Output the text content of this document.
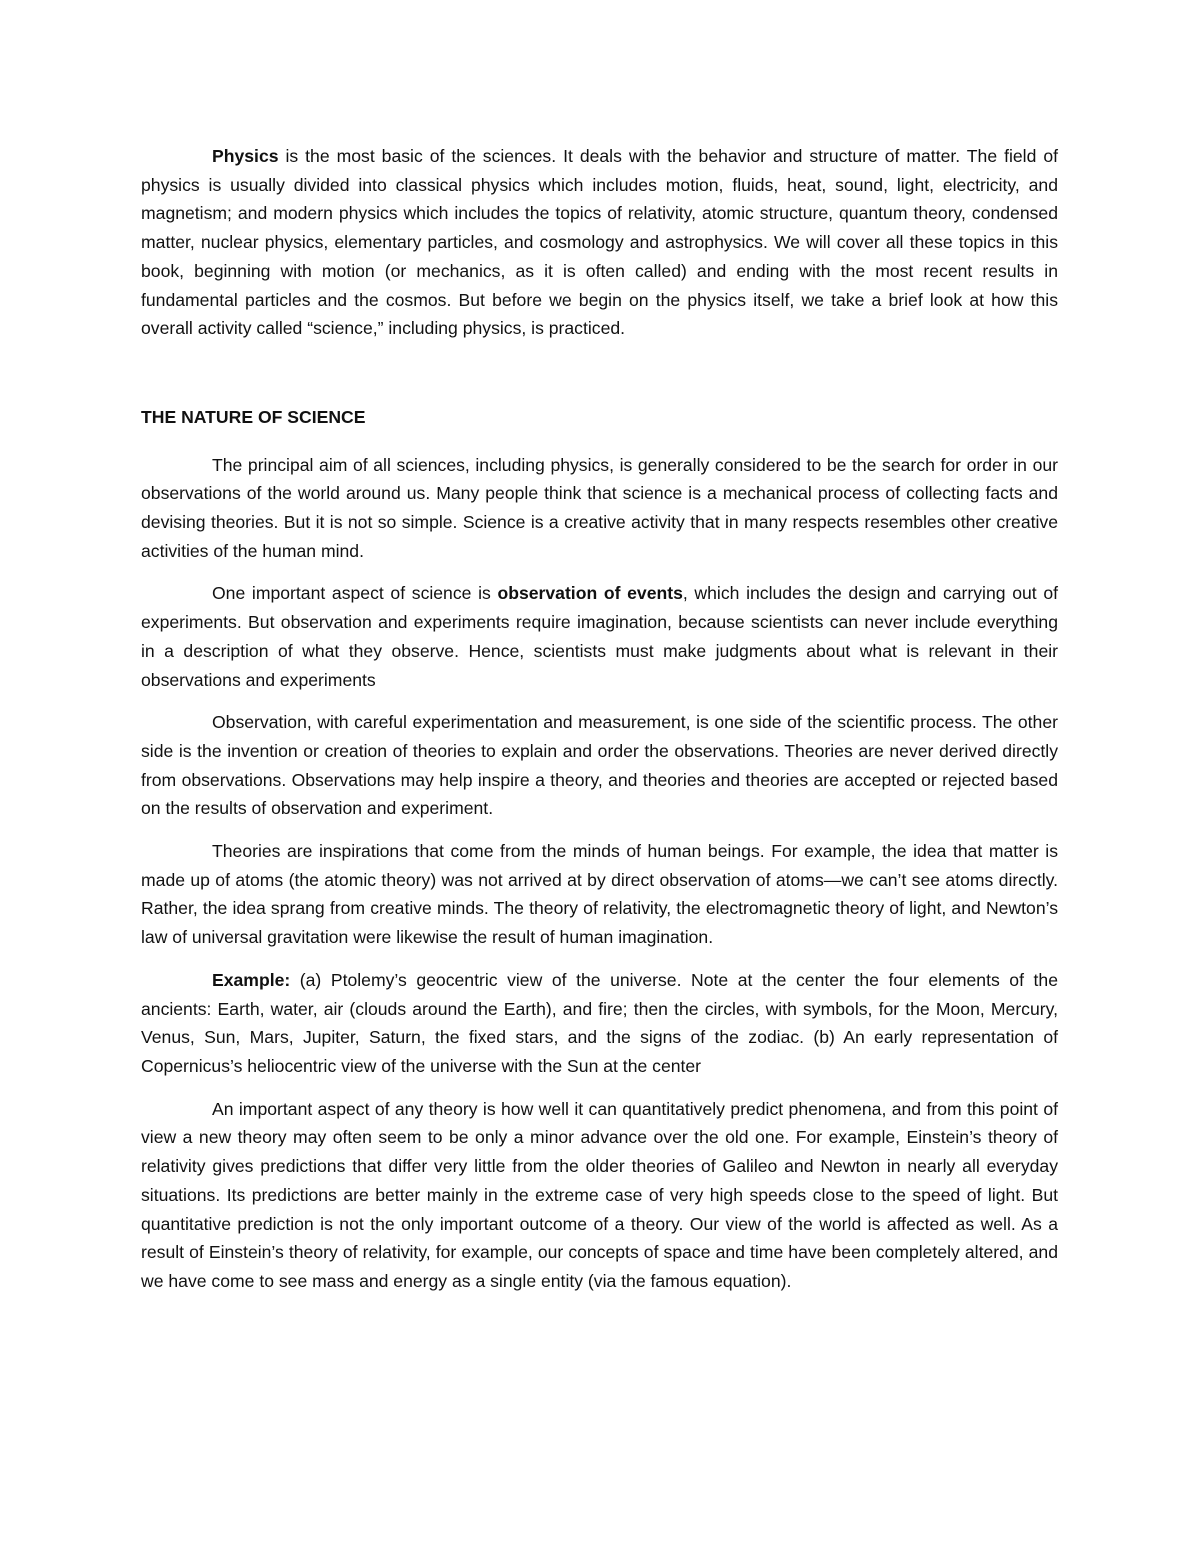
Physics is the most basic of the sciences. It deals with the behavior and structure of matter. The field of physics is usually divided into classical physics which includes motion, fluids, heat, sound, light, electricity, and magnetism; and modern physics which includes the topics of relativity, atomic structure, quantum theory, condensed matter, nuclear physics, elementary particles, and cosmology and astrophysics. We will cover all these topics in this book, beginning with motion (or mechanics, as it is often called) and ending with the most recent results in fundamental particles and the cosmos. But before we begin on the physics itself, we take a brief look at how this overall activity called “science,” including physics, is practiced.

THE NATURE OF SCIENCE

The principal aim of all sciences, including physics, is generally considered to be the search for order in our observations of the world around us. Many people think that science is a mechanical process of collecting facts and devising theories. But it is not so simple. Science is a creative activity that in many respects resembles other creative activities of the human mind.

One important aspect of science is observation of events, which includes the design and carrying out of experiments. But observation and experiments require imagination, because scientists can never include everything in a description of what they observe. Hence, scientists must make judgments about what is relevant in their observations and experiments

Observation, with careful experimentation and measurement, is one side of the scientific process. The other side is the invention or creation of theories to explain and order the observations. Theories are never derived directly from observations. Observations may help inspire a theory, and theories and theories are accepted or rejected based on the results of observation and experiment.

Theories are inspirations that come from the minds of human beings. For example, the idea that matter is made up of atoms (the atomic theory) was not arrived at by direct observation of atoms—we can’t see atoms directly. Rather, the idea sprang from creative minds. The theory of relativity, the electromagnetic theory of light, and Newton’s law of universal gravitation were likewise the result of human imagination.

Example: (a) Ptolemy’s geocentric view of the universe. Note at the center the four elements of the ancients: Earth, water, air (clouds around the Earth), and fire; then the circles, with symbols, for the Moon, Mercury, Venus, Sun, Mars, Jupiter, Saturn, the fixed stars, and the signs of the zodiac. (b) An early representation of Copernicus’s heliocentric view of the universe with the Sun at the center

An important aspect of any theory is how well it can quantitatively predict phenomena, and from this point of view a new theory may often seem to be only a minor advance over the old one. For example, Einstein’s theory of relativity gives predictions that differ very little from the older theories of Galileo and Newton in nearly all everyday situations. Its predictions are better mainly in the extreme case of very high speeds close to the speed of light. But quantitative prediction is not the only important outcome of a theory. Our view of the world is affected as well. As a result of Einstein’s theory of relativity, for example, our concepts of space and time have been completely altered, and we have come to see mass and energy as a single entity (via the famous equation).
